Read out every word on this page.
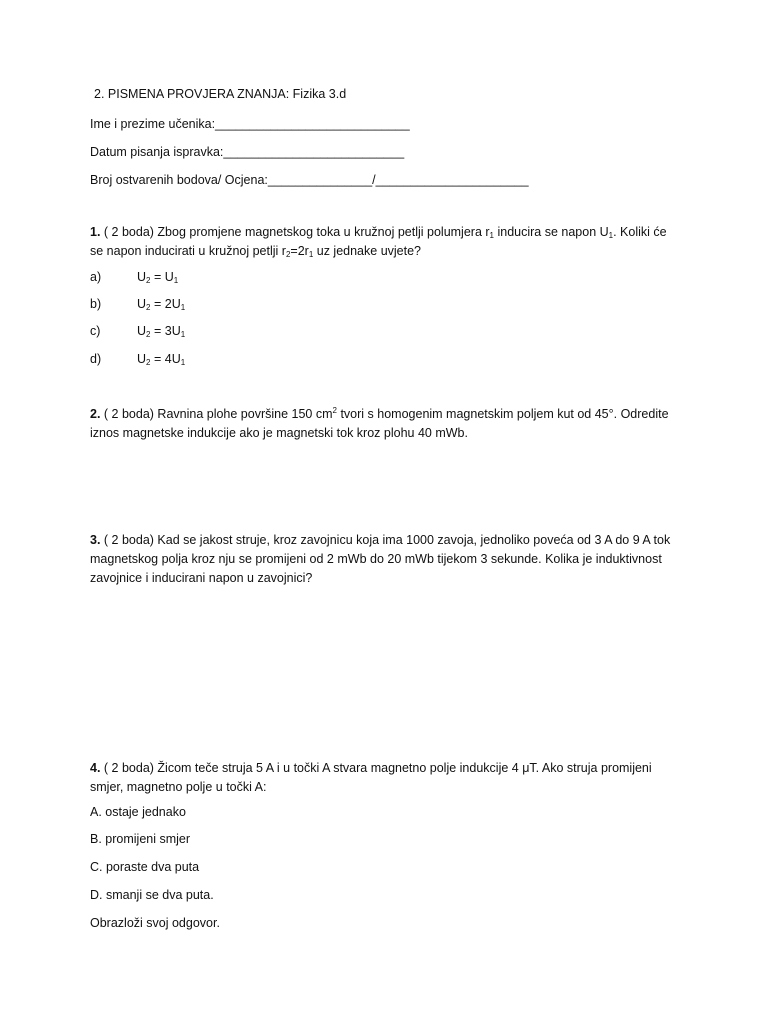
2. PISMENA PROVJERA ZNANJA: Fizika 3.d
Ime i prezime učenika:____________________________
Datum pisanja ispravka:__________________________
Broj ostvarenih bodova/ Ocjena:_______________/______________________
1. ( 2 boda) Zbog promjene magnetskog toka u kružnoj petlji polumjera $r_1$ inducira se napon $U_1$. Koliki će se napon inducirati u kružnoj petlji $r_2=2r_1$ uz jednake uvjete?
a)	$U_2 = U_1$
b)	$U_2 = 2U_1$
c)	$U_2 = 3U_1$
d)	$U_2 = 4U_1$
2. ( 2 boda) Ravnina plohe površine 150 $cm^2$ tvori s homogenim magnetskim poljem kut od 45°. Odredite iznos magnetske indukcije ako je magnetski tok kroz plohu 40 mWb.
3. ( 2 boda) Kad se jakost struje, kroz zavojnicu koja ima 1000 zavoja, jednoliko poveća od 3 A do 9 A tok magnetskog polja kroz nju se promijeni od 2 mWb do 20 mWb tijekom 3 sekunde. Kolika je induktivnost zavojnice i inducirani napon u zavojnici?
4. ( 2 boda) Žicom teče struja 5 A i u točki A stvara magnetno polje indukcije 4 μT. Ako struja promijeni smjer, magnetno polje u točki A:
A. ostaje jednako
B. promijeni smjer
C. poraste dva puta
D. smanji se dva puta.
Obrazloži svoj odgovor.
